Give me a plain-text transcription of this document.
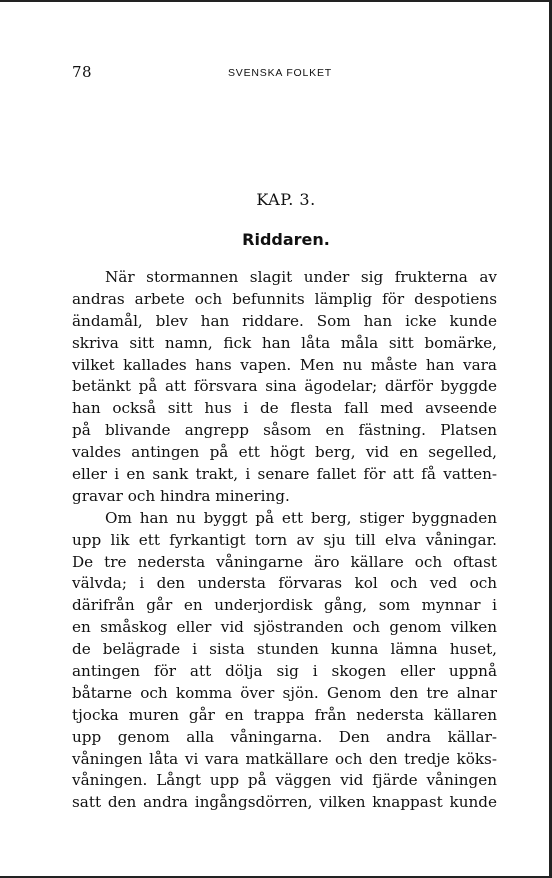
78	SVENSKA FOLKET
KAP. 3.
Riddaren.
När stormannen slagit under sig frukterna av
andras arbete och befunnits lämplig för despotiens
ändamål, blev han riddare. Som han icke kunde
skriva sitt namn, fick han låta måla sitt bomärke,
vilket kallades hans vapen. Men nu måste han vara
betänkt på att försvara sina ägodelar; därför byggde
han också sitt hus i de flesta fall med avseende
på blivande angrepp såsom en fästning. Platsen
valdes antingen på ett högt berg, vid en segelled,
eller i en sank trakt, i senare fallet för att få vatten-
gravar och hindra minering.
Om han nu byggt på ett berg, stiger byggnaden
upp lik ett fyrkantigt torn av sju till elva våningar.
De tre nedersta våningarne äro källare och oftast
välvda; i den understa förvaras kol och ved och
därifrån går en underjordisk gång, som mynnar i
en småskog eller vid sjöstranden och genom vilken
de belägrade i sista stunden kunna lämna huset,
antingen för att dölja sig i skogen eller uppnå
båtarne och komma över sjön. Genom den tre alnar
tjocka muren går en trappa från nedersta källaren
upp genom alla våningarna. Den andra källar-
våningen låta vi vara matkällare och den tredje köks-
våningen. Långt upp på väggen vid fjärde våningen
satt den andra ingångsdörren, vilken knappast kunde
